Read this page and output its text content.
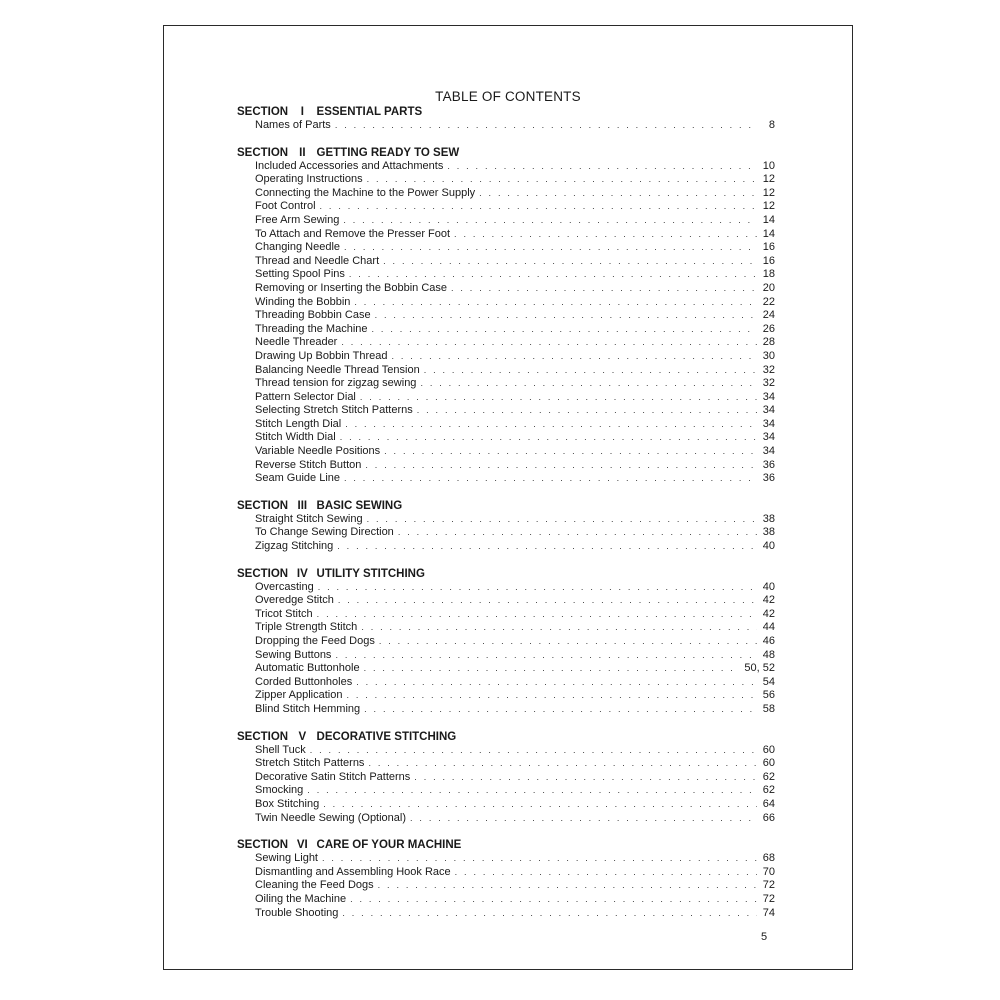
TABLE OF CONTENTS
SECTION I ESSENTIAL PARTS
Names of Parts . . .	8
SECTION II GETTING READY TO SEW
Included Accessories and Attachments . . .	10
Operating Instructions . . .	12
Connecting the Machine to the Power Supply . . .	12
Foot Control . . .	12
Free Arm Sewing . . .	14
To Attach and Remove the Presser Foot . . .	14
Changing Needle . . .	16
Thread and Needle Chart . . .	16
Setting Spool Pins . . .	18
Removing or Inserting the Bobbin Case . . .	20
Winding the Bobbin . . .	22
Threading Bobbin Case . . .	24
Threading the Machine . . .	26
Needle Threader . . .	28
Drawing Up Bobbin Thread . . .	30
Balancing Needle Thread Tension . . .	32
Thread tension for zigzag sewing . . .	32
Pattern Selector Dial . . .	34
Selecting Stretch Stitch Patterns . . .	34
Stitch Length Dial . . .	34
Stitch Width Dial . . .	34
Variable Needle Positions . . .	34
Reverse Stitch Button . . .	36
Seam Guide Line . . .	36
SECTION III BASIC SEWING
Straight Stitch Sewing . . .	38
To Change Sewing Direction . . .	38
Zigzag Stitching . . .	40
SECTION IV UTILITY STITCHING
Overcasting . . .	40
Overedge Stitch . . .	42
Tricot Stitch . . .	42
Triple Strength Stitch . . .	44
Dropping the Feed Dogs . . .	46
Sewing Buttons . . .	48
Automatic Buttonhole . . .	50, 52
Corded Buttonholes . . .	54
Zipper Application . . .	56
Blind Stitch Hemming . . .	58
SECTION V DECORATIVE STITCHING
Shell Tuck . . .	60
Stretch Stitch Patterns . . .	60
Decorative Satin Stitch Patterns . . .	62
Smocking . . .	62
Box Stitching . . .	64
Twin Needle Sewing (Optional) . . .	66
SECTION VI CARE OF YOUR MACHINE
Sewing Light . . .	68
Dismantling and Assembling Hook Race . . .	70
Cleaning the Feed Dogs . . .	72
Oiling the Machine . . .	72
Trouble Shooting . . .	74
5
